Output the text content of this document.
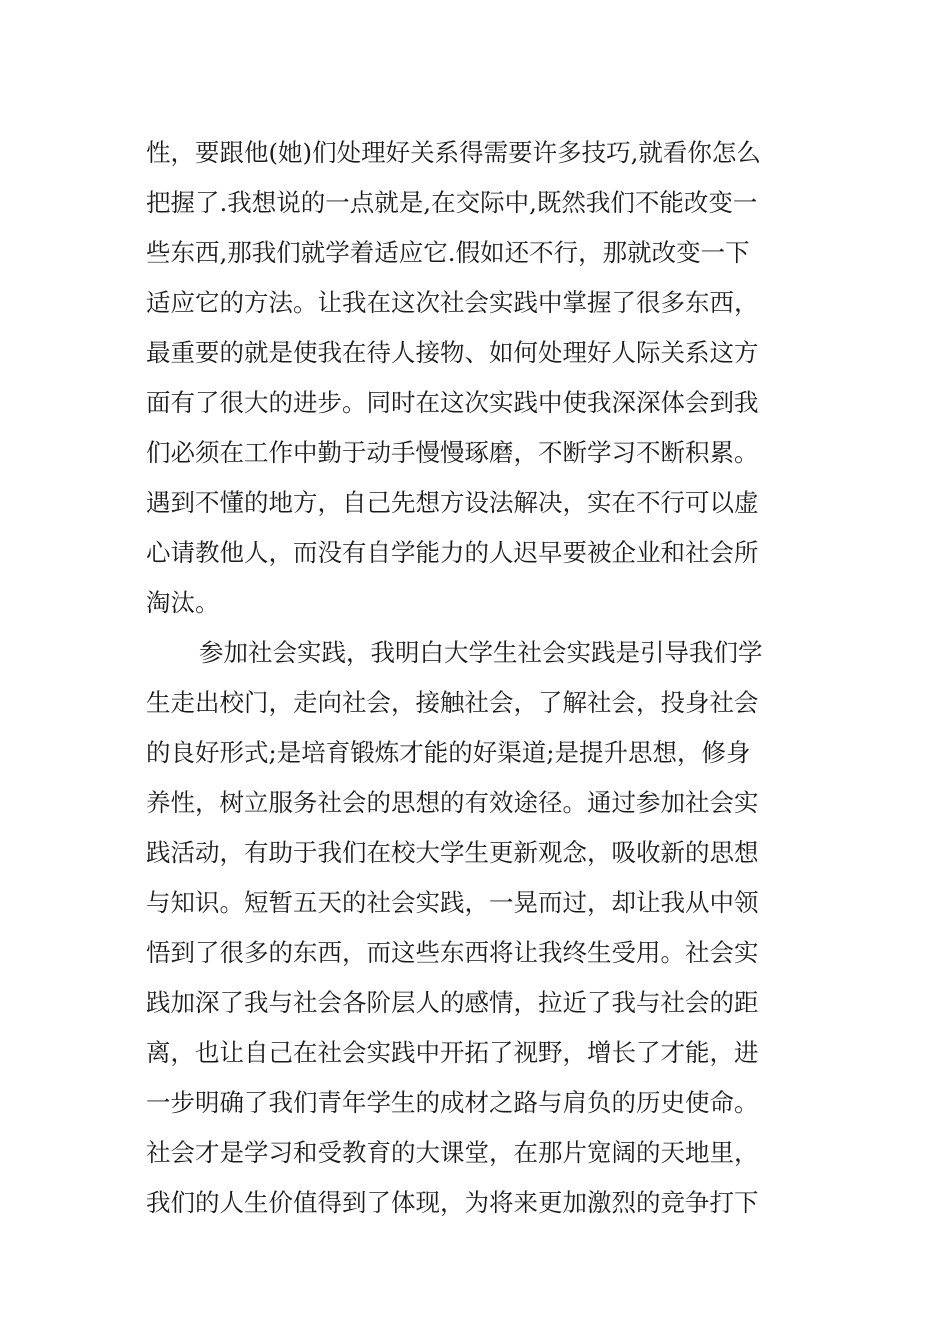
性，要跟他(她)们处理好关系得需要许多技巧,就看你怎么
把握了.我想说的一点就是,在交际中,既然我们不能改变一
些东西,那我们就学着适应它.假如还不行，那就改变一下
适应它的方法。让我在这次社会实践中掌握了很多东西，
最重要的就是使我在待人接物、如何处理好人际关系这方
面有了很大的进步。同时在这次实践中使我深深体会到我
们必须在工作中勤于动手慢慢琢磨，不断学习不断积累。
遇到不懂的地方，自己先想方设法解决，实在不行可以虚
心请教他人，而没有自学能力的人迟早要被企业和社会所
淘汰。
参加社会实践，我明白大学生社会实践是引导我们学
生走出校门，走向社会，接触社会，了解社会，投身社会
的良好形式;是培育锻炼才能的好渠道;是提升思想，修身
养性，树立服务社会的思想的有效途径。通过参加社会实
践活动，有助于我们在校大学生更新观念，吸收新的思想
与知识。短暂五天的社会实践，一晃而过，却让我从中领
悟到了很多的东西，而这些东西将让我终生受用。社会实
践加深了我与社会各阶层人的感情，拉近了我与社会的距
离，也让自己在社会实践中开拓了视野，增长了才能，进
一步明确了我们青年学生的成材之路与肩负的历史使命。
社会才是学习和受教育的大课堂，在那片宽阔的天地里，
我们的人生价值得到了体现，为将来更加激烈的竞争打下
